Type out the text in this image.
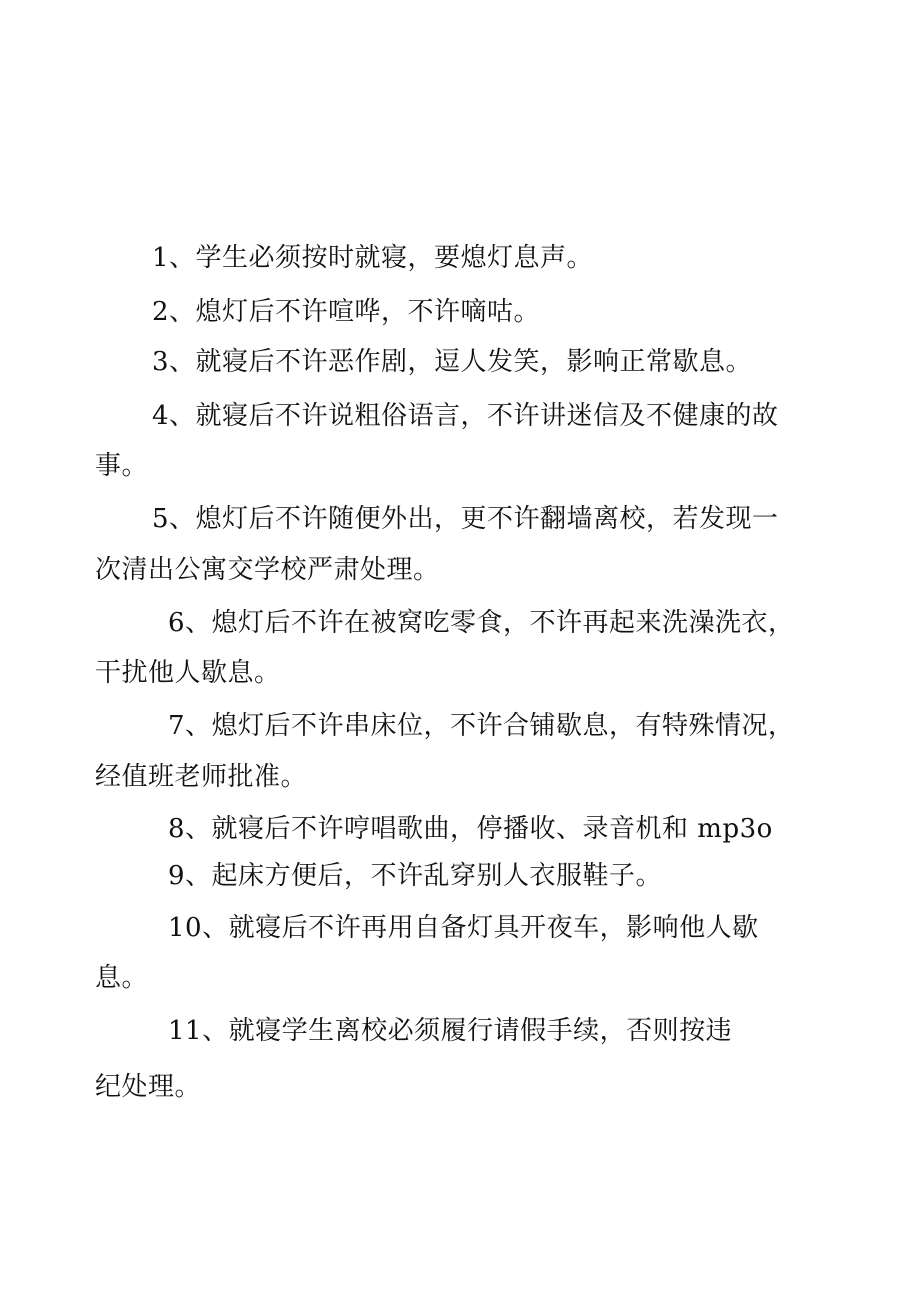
1、学生必须按时就寝，要熄灯息声。
2、熄灯后不许喧哗，不许嘀咕。
3、就寝后不许恶作剧，逗人发笑，影响正常歇息。
4、就寝后不许说粗俗语言，不许讲迷信及不健康的故
事。
5、熄灯后不许随便外出，更不许翻墙离校，若发现一
次清出公寓交学校严肃处理。
6、熄灯后不许在被窝吃零食，不许再起来洗澡洗衣，
干扰他人歇息。
7、熄灯后不许串床位，不许合铺歇息，有特殊情况，
经值班老师批准。
8、就寝后不许哼唱歌曲，停播收、录音机和 mp3o
9、起床方便后，不许乱穿别人衣服鞋子。
10、就寝后不许再用自备灯具开夜车，影响他人歇
息。
11、就寝学生离校必须履行请假手续，否则按违
纪处理。
